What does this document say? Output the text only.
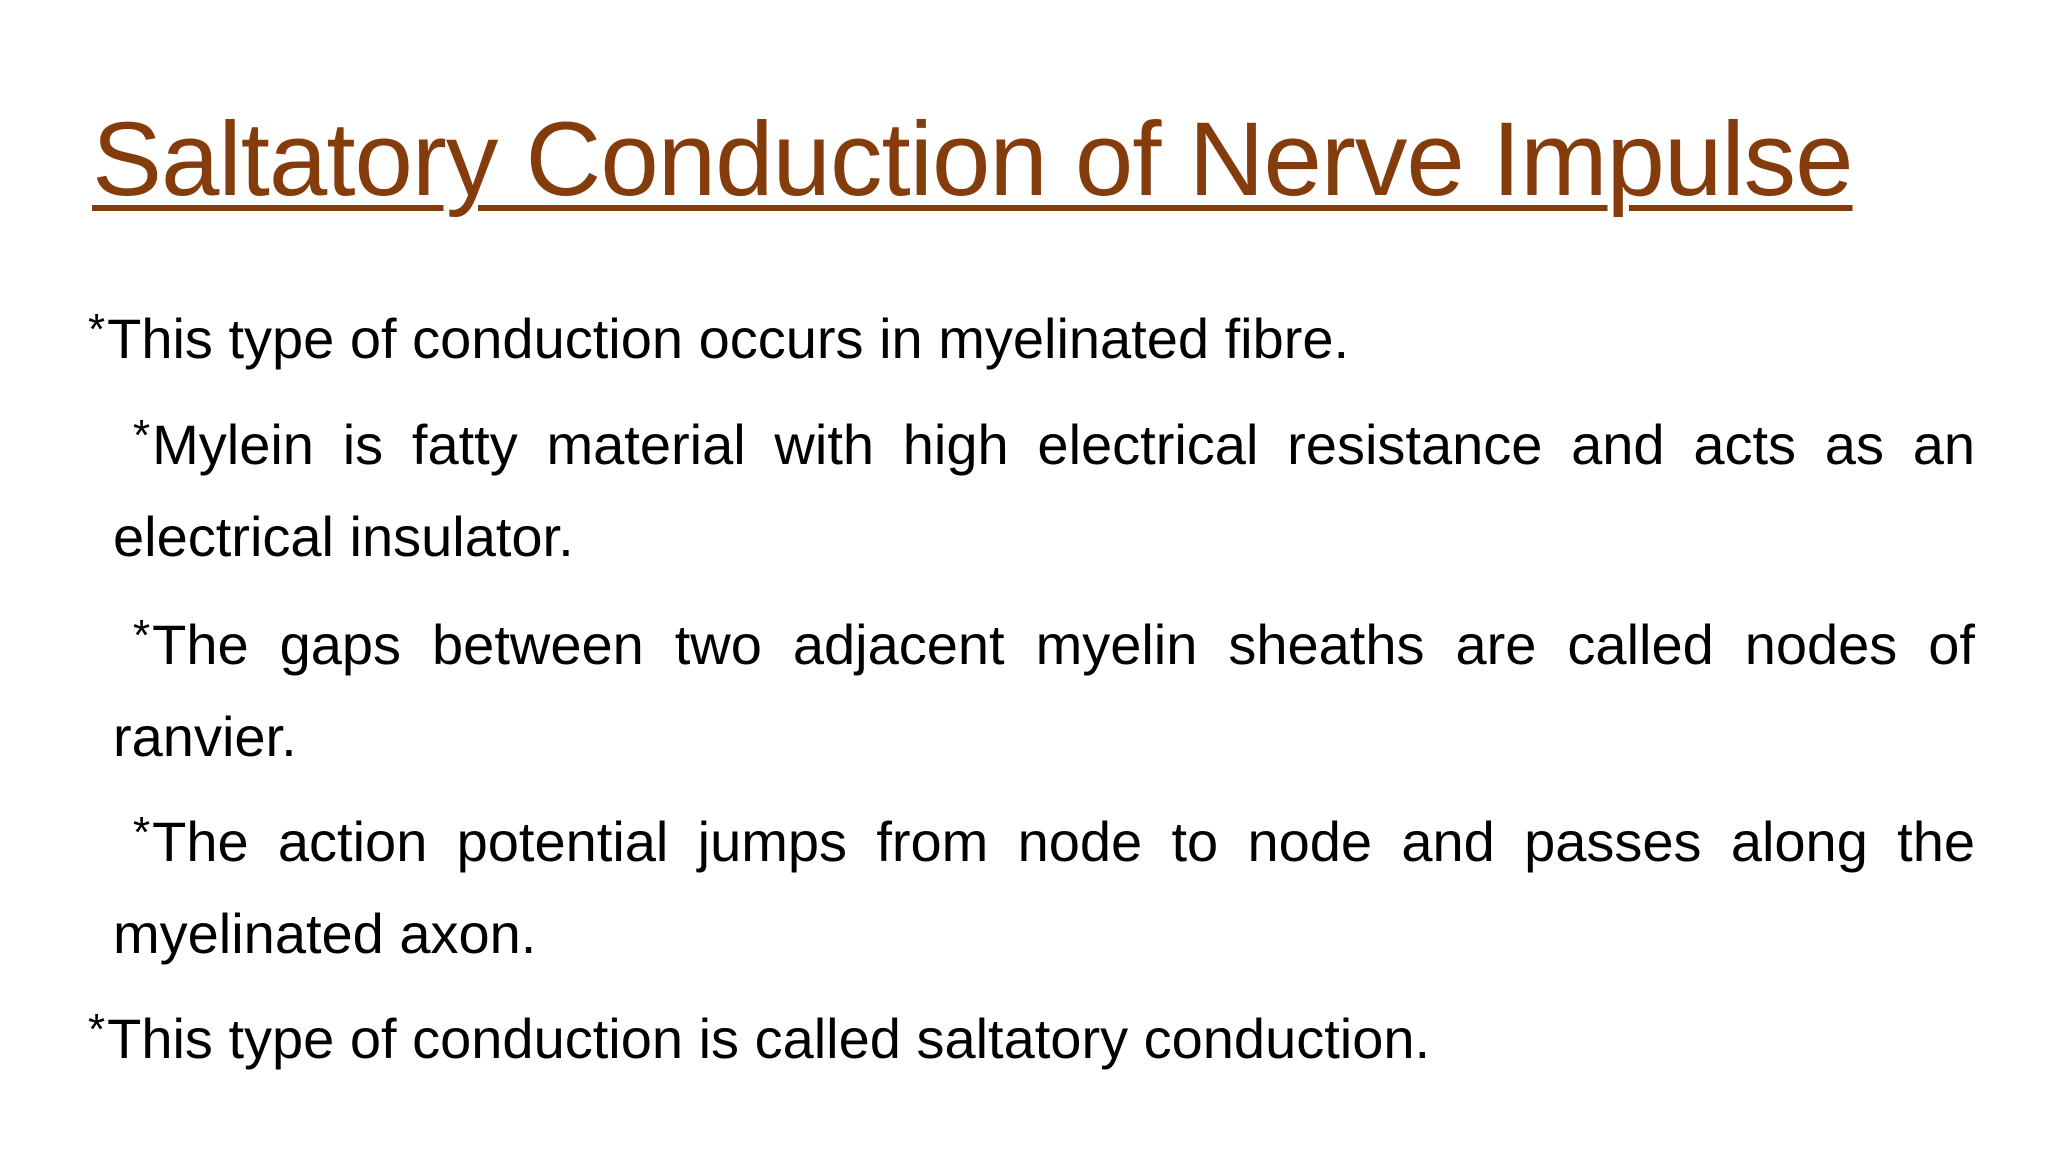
Saltatory Conduction of Nerve Impulse

*This type of conduction occurs in myelinated fibre.

*Mylein is fatty material with high electrical resistance and acts as an electrical insulator.

*The gaps between two adjacent myelin sheaths are called nodes of ranvier.

*The action potential jumps from node to node and passes along the myelinated axon.

*This type of conduction is called saltatory conduction.
